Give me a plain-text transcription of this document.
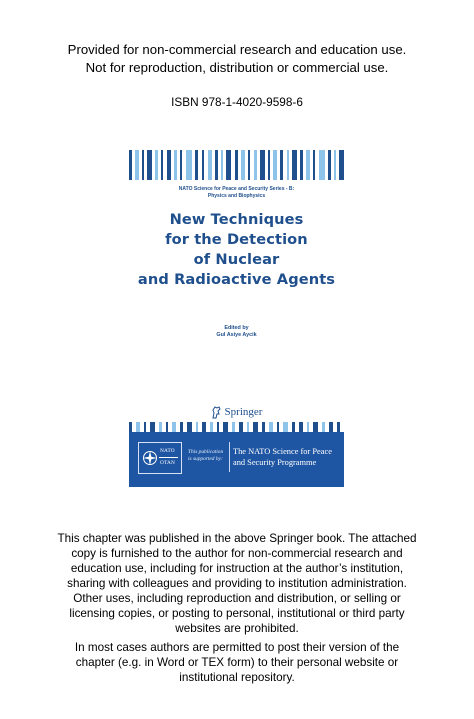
Provided for non-commercial research and education use.
Not for reproduction, distribution or commercial use.
ISBN 978-1-4020-9598-6
NATO Science for Peace and Security Series - B:
Physics and Biophysics
New Techniques
for the Detection
of Nuclear
and Radioactive Agents
Edited by
Gul Asiye Aycik
Springer
NATO
OTAN
This publication
is supported by:
The NATO Science for Peace
and Security Programme
This chapter was published in the above Springer book. The attached
copy is furnished to the author for non-commercial research and
education use, including for instruction at the author’s institution,
sharing with colleagues and providing to institution administration.
Other uses, including reproduction and distribution, or selling or
licensing copies, or posting to personal, institutional or third party
websites are prohibited.
In most cases authors are permitted to post their version of the
chapter (e.g. in Word or TEX form) to their personal website or
institutional repository.
